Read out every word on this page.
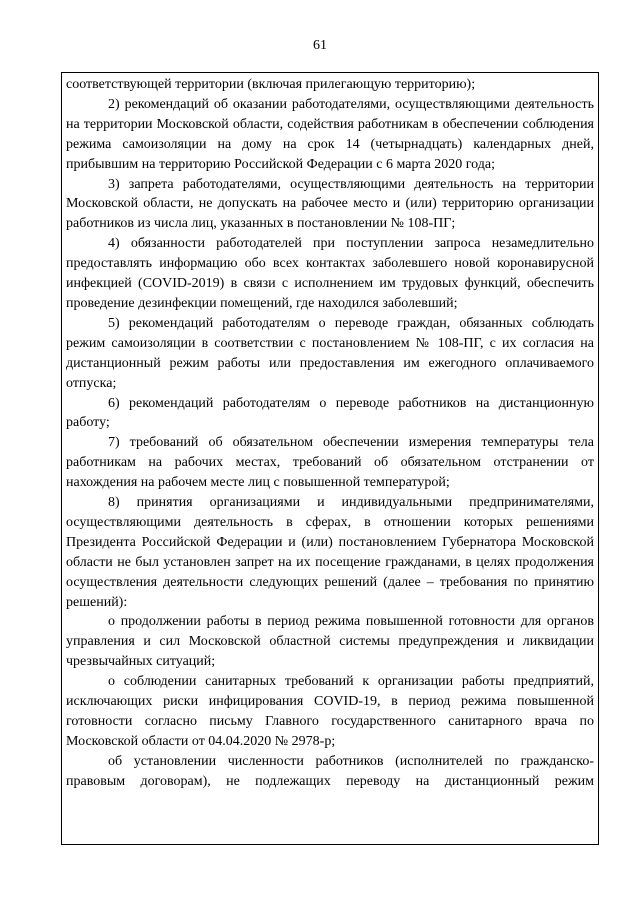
61

соответствующей территории (включая прилегающую территорию);

2) рекомендаций об оказании работодателями, осуществляющими деятельность на территории Московской области, содействия работникам в обеспечении соблюдения режима самоизоляции на дому на срок 14 (четырнадцать) календарных дней, прибывшим на территорию Российской Федерации с 6 марта 2020 года;

3) запрета работодателями, осуществляющими деятельность на территории Московской области, не допускать на рабочее место и (или) территорию организации работников из числа лиц, указанных в постановлении № 108-ПГ;

4) обязанности работодателей при поступлении запроса незамедлительно предоставлять информацию обо всех контактах заболевшего новой коронавирусной инфекцией (COVID-2019) в связи с исполнением им трудовых функций, обеспечить проведение дезинфекции помещений, где находился заболевший;

5) рекомендаций работодателям о переводе граждан, обязанных соблюдать режим самоизоляции в соответствии с постановлением № 108-ПГ, с их согласия на дистанционный режим работы или предоставления им ежегодного оплачиваемого отпуска;

6) рекомендаций работодателям о переводе работников на дистанционную работу;

7) требований об обязательном обеспечении измерения температуры тела работникам на рабочих местах, требований об обязательном отстранении от нахождения на рабочем месте лиц с повышенной температурой;

8) принятия организациями и индивидуальными предпринимателями, осуществляющими деятельность в сферах, в отношении которых решениями Президента Российской Федерации и (или) постановлением Губернатора Московской области не был установлен запрет на их посещение гражданами, в целях продолжения осуществления деятельности следующих решений (далее – требования по принятию решений):

о продолжении работы в период режима повышенной готовности для органов управления и сил Московской областной системы предупреждения и ликвидации чрезвычайных ситуаций;

о соблюдении санитарных требований к организации работы предприятий, исключающих риски инфицирования COVID-19, в период режима повышенной готовности согласно письму Главного государственного санитарного врача по Московской области от 04.04.2020 № 2978-р;

об установлении численности работников (исполнителей по гражданско-правовым договорам), не подлежащих переводу на дистанционный режим
